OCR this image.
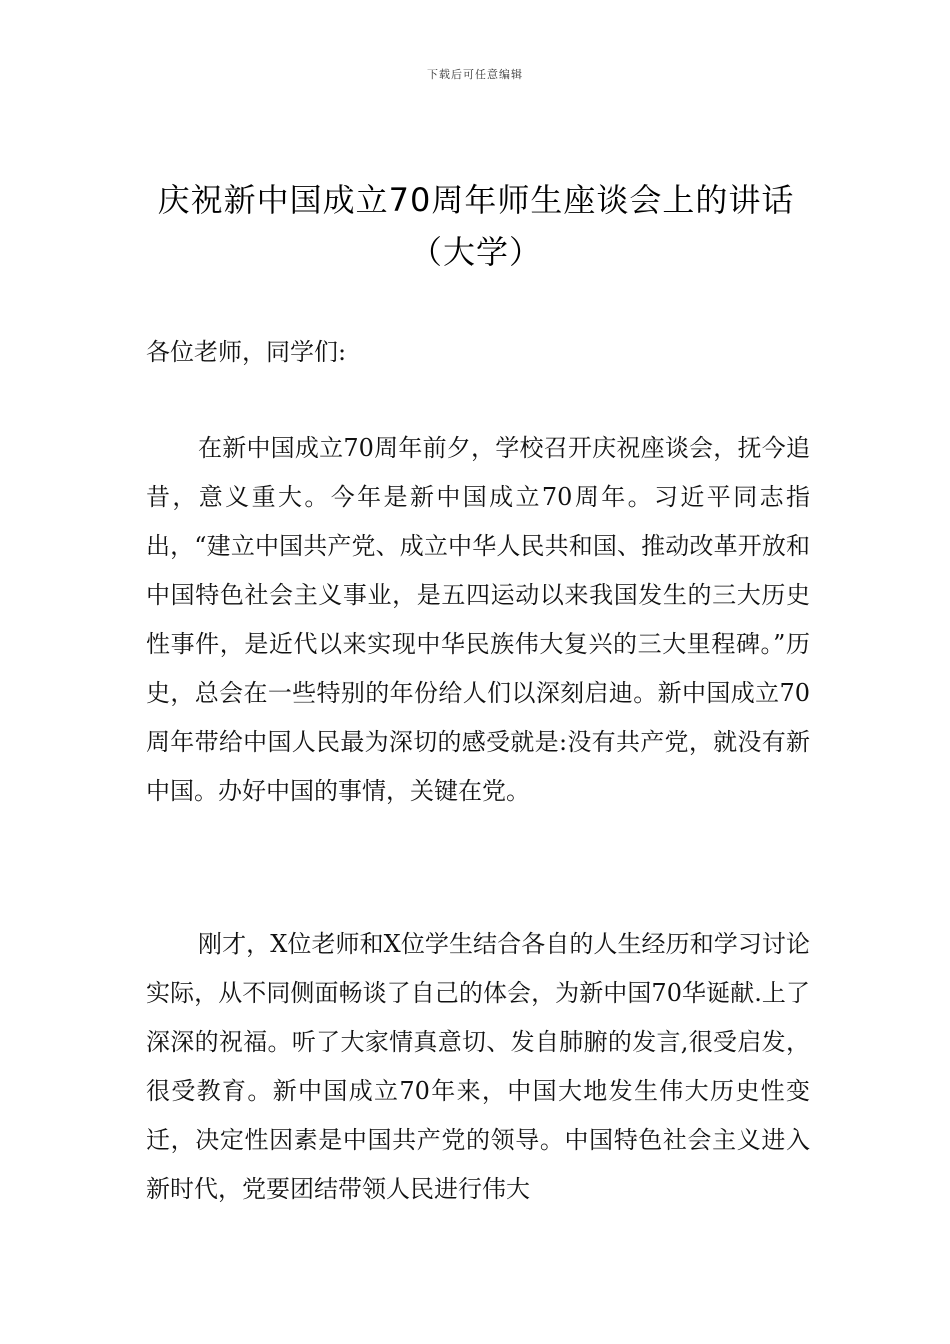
下载后可任意编辑
庆祝新中国成立70周年师生座谈会上的讲话（大学）
各位老师，同学们:
在新中国成立70周年前夕，学校召开庆祝座谈会，抚今追昔，意义重大。今年是新中国成立70周年。习近平同志指出，“建立中国共产党、成立中华人民共和国、推动改革开放和中国特色社会主义事业，是五四运动以来我国发生的三大历史性事件，是近代以来实现中华民族伟大复兴的三大里程碑。”历史，总会在一些特别的年份给人们以深刻启迪。新中国成立70周年带给中国人民最为深切的感受就是:没有共产党，就没有新中国。办好中国的事情，关键在党。
刚才，X位老师和X位学生结合各自的人生经历和学习讨论实际，从不同侧面畅谈了自己的体会，为新中国70华诞献.上了深深的祝福。听了大家情真意切、发自肺腑的发言,很受启发，很受教育。新中国成立70年来，中国大地发生伟大历史性变迁，决定性因素是中国共产党的领导。中国特色社会主义进入新时代，党要团结带领人民进行伟大
